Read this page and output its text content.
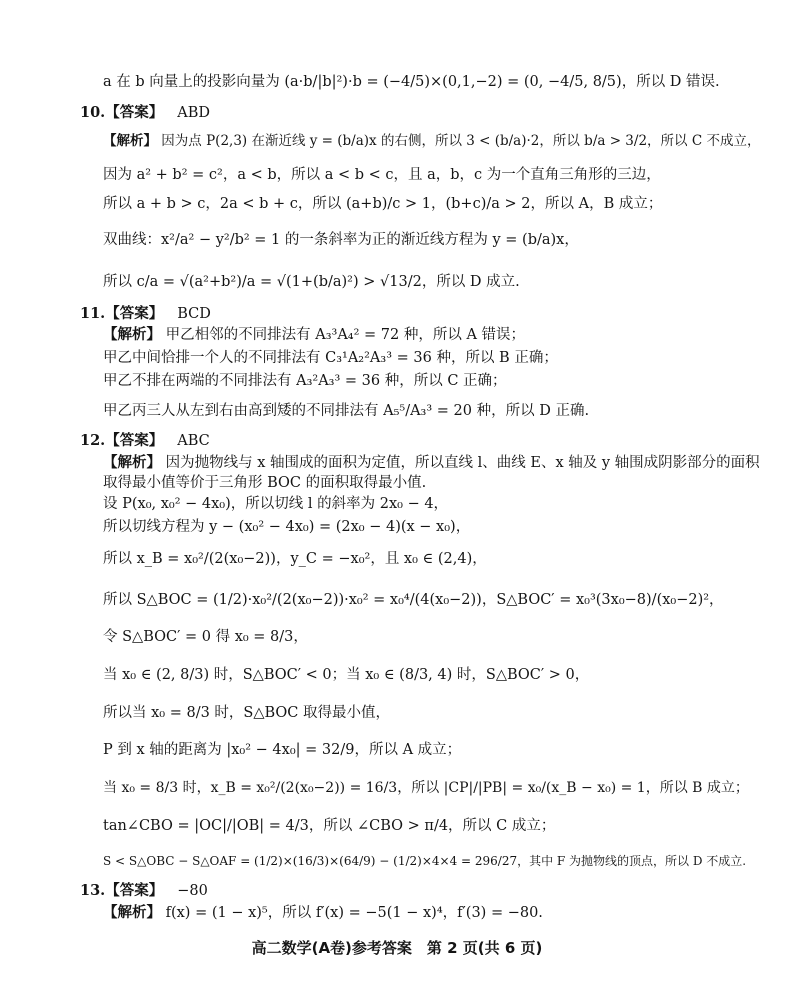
a 在 b 向量上的投影向量为 (a·b/|b|²)·b = (−4/5)×(0,1,−2) = (0, −4/5, 8/5)，所以 D 错误.
10.【答案】 ABD
【解析】 因为点 P(2,3) 在渐近线 y = (b/a)x 的右侧，所以 3 < (b/a)·2，所以 b/a > 3/2，所以 C 不成立，
因为 a² + b² = c²，a < b，所以 a < b < c，且 a，b，c 为一个直角三角形的三边，
所以 a + b > c，2a < b + c，所以 (a+b)/c > 1，(b+c)/a > 2，所以 A，B 成立；
双曲线：x²/a² − y²/b² = 1 的一条斜率为正的渐近线方程为 y = (b/a)x，
所以 c/a = √(a²+b²)/a = √(1+(b/a)²) > √13/2，所以 D 成立.
11.【答案】 BCD
【解析】 甲乙相邻的不同排法有 A₃³A₄² = 72 种，所以 A 错误；
甲乙中间恰排一个人的不同排法有 C₃¹A₂²A₃³ = 36 种，所以 B 正确；
甲乙不排在两端的不同排法有 A₃²A₃³ = 36 种，所以 C 正确；
甲乙丙三人从左到右由高到矮的不同排法有 A₅⁵/A₃³ = 20 种，所以 D 正确.
12.【答案】 ABC
【解析】 因为抛物线与 x 轴围成的面积为定值，所以直线 l、曲线 E、x 轴及 y 轴围成阴影部分的面积
取得最小值等价于三角形 BOC 的面积取得最小值.
设 P(x₀, x₀² − 4x₀)，所以切线 l 的斜率为 2x₀ − 4，
所以切线方程为 y − (x₀² − 4x₀) = (2x₀ − 4)(x − x₀)，
所以 x_B = x₀²/(2(x₀−2))，y_C = −x₀²，且 x₀ ∈ (2,4)，
所以 S△BOC = (1/2)·x₀²/(2(x₀−2))·x₀² = x₀⁴/(4(x₀−2))，S△BOC′ = x₀³(3x₀−8)/(x₀−2)²，
令 S△BOC′ = 0 得 x₀ = 8/3，
当 x₀ ∈ (2, 8/3) 时，S△BOC′ < 0；当 x₀ ∈ (8/3, 4) 时，S△BOC′ > 0，
所以当 x₀ = 8/3 时，S△BOC 取得最小值，
P 到 x 轴的距离为 |x₀² − 4x₀| = 32/9，所以 A 成立；
当 x₀ = 8/3 时，x_B = x₀²/(2(x₀−2)) = 16/3，所以 |CP|/|PB| = x₀/(x_B − x₀) = 1，所以 B 成立；
tan∠CBO = |OC|/|OB| = 4/3，所以 ∠CBO > π/4，所以 C 成立；
S < S△OBC − S△OAF = (1/2)×(16/3)×(64/9) − (1/2)×4×4 = 296/27，其中 F 为抛物线的顶点，所以 D 不成立.
13.【答案】 −80
【解析】 f(x) = (1 − x)⁵，所以 f′(x) = −5(1 − x)⁴，f′(3) = −80.
高二数学(A卷)参考答案　第 2 页(共 6 页)
